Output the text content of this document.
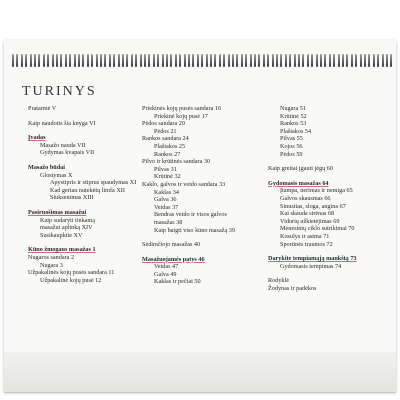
TURINYS
Pratarmė V
Kaip naudotis šia knyga VI
Įvadas
Masažo nauda VII
Gydymas kvapais VII
Masažo būdai
Glostymas X
Apystipris ir stiprus spaudymas XI
Kad geriau nutekėtų limfa XII
Stuksenimas XIII
Pasiruošimas masažui
Kaip sudaryti tinkamą
masažui aplinką XIV
Susikaupkite XV
Kūno žmogaus masažas 1
Nugaros sandara 2
Nugara 3
Užpakalinės kojų pusės sandara 11
Užpakalinė kojų pusė 12
Priekinės kojų pusės sandara 16
Priekinė kojų pusė 17
Pėdos sandara 20
Pėdos 21
Rankos sandara 24
Plaštakos 25
Rankos 27
Pilvo ir krūtinės sandara 30
Pilvas 31
Krūtinė 32
Kaklo, galvos ir veido sandara 33
Kaklas 34
Galva 36
Veidas 37
Bendras veido ir visos galvos
masažas 38
Kaip baigti viso kūno masažą 39
Sėdimčiojo masažas 40
Masažuojamės patys 46
Veidas 47
Galva 49
Kaklas ir pečiai 50
Nugara 51
Krūtinė 52
Rankos 53
Plaštakos 54
Pilvas 55
Kojos 56
Pėdos 59
Kaip greitai įgauti jėgų 60
Gydomasis masažas 64
Įtampa, nerimas ir nemiga 65
Galvos skausmas 66
Sinusitas, sloga, angina 67
Kai skauda strėnas 68
Vidurių užkietėjimas 69
Menesinių ciklo sutrikimai 70
Kosulys ir astma 71
Sportinės traumos 72
Darykite tempiamąją mankštą 73
Gydomasis tempimas 74
Rodyklė
Žodynas ir padėkos
